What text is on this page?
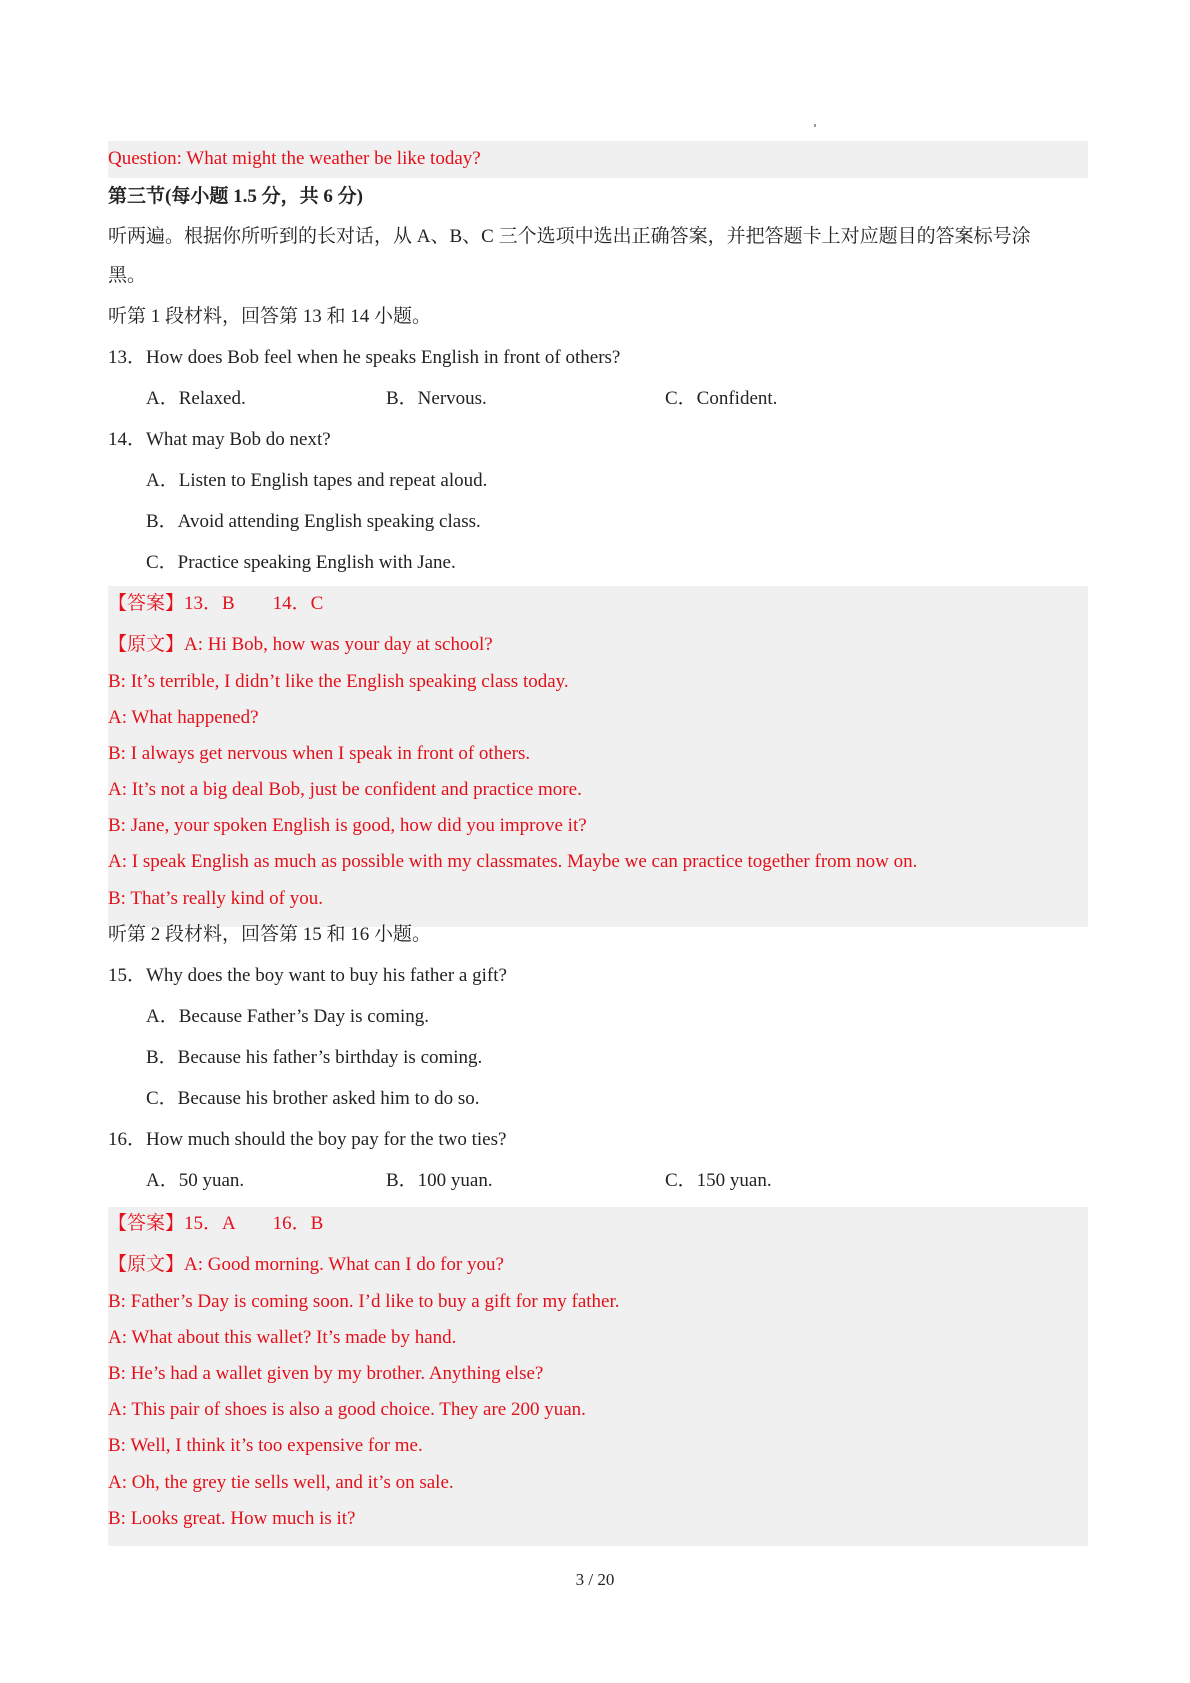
Question: What might the weather be like today?
第三节(每小题 1.5 分，共 6 分)
听两遍。根据你所听到的长对话，从 A、B、C 三个选项中选出正确答案，并把答题卡上对应题目的答案标号涂
黑。
听第 1 段材料，回答第 13 和 14 小题。
13．How does Bob feel when he speaks English in front of others?
A．Relaxed.	B．Nervous.	C．Confident.
14．What may Bob do next?
A．Listen to English tapes and repeat aloud.
B．Avoid attending English speaking class.
C．Practice speaking English with Jane.
【答案】13．B　　14．C
【原文】A: Hi Bob, how was your day at school?
B: It’s terrible, I didn’t like the English speaking class today.
A: What happened?
B: I always get nervous when I speak in front of others.
A: It’s not a big deal Bob, just be confident and practice more.
B: Jane, your spoken English is good, how did you improve it?
A: I speak English as much as possible with my classmates. Maybe we can practice together from now on.
B: That’s really kind of you.
听第 2 段材料，回答第 15 和 16 小题。
15．Why does the boy want to buy his father a gift?
A．Because Father’s Day is coming.
B．Because his father’s birthday is coming.
C．Because his brother asked him to do so.
16．How much should the boy pay for the two ties?
A．50 yuan.	B．100 yuan.	C．150 yuan.
【答案】15．A　　16．B
【原文】A: Good morning. What can I do for you?
B: Father’s Day is coming soon. I’d like to buy a gift for my father.
A: What about this wallet? It’s made by hand.
B: He’s had a wallet given by my brother. Anything else?
A: This pair of shoes is also a good choice. They are 200 yuan.
B: Well, I think it’s too expensive for me.
A: Oh, the grey tie sells well, and it’s on sale.
B: Looks great. How much is it?
3 / 20
